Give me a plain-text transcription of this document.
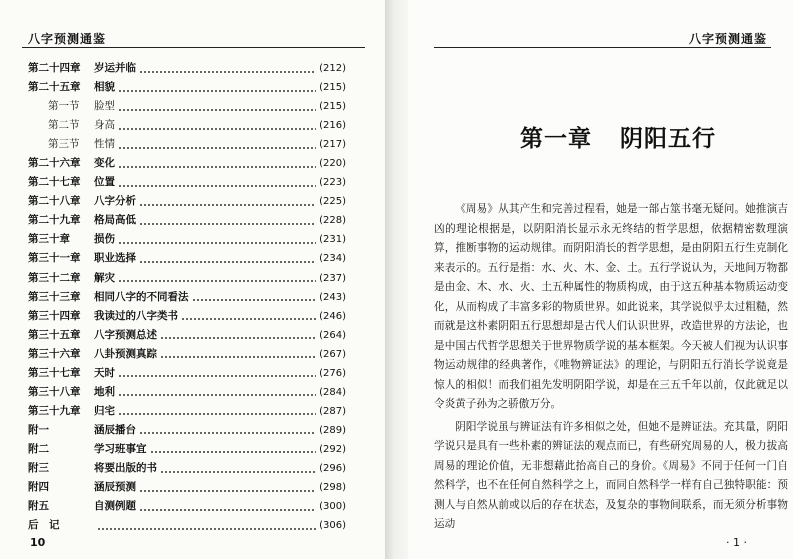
八字预测通鉴
第二十四章	岁运并临	(212)
第二十五章	相貌	(215)
第一节	脸型	(215)
第二节	身高	(216)
第三节	性情	(217)
第二十六章	变化	(220)
第二十七章	位置	(223)
第二十八章	八字分析	(225)
第二十九章	格局高低	(228)
第三十章	损伤	(231)
第三十一章	职业选择	(234)
第三十二章	解灾	(237)
第三十三章	相同八字的不同看法	(243)
第三十四章	我读过的八字类书	(246)
第三十五章	八字预测总述	(264)
第三十六章	八卦预测真踪	(267)
第三十七章	天时	(276)
第三十八章	地利	(284)
第三十九章	归宅	(287)
附一	涵辰播台	(289)
附二	学习班事宜	(292)
附三	将要出版的书	(296)
附四	涵辰预测	(298)
附五	自测例题	(300)
后　记	(306)
10
八字预测通鉴
第一章 阴阳五行

《周易》从其产生和完善过程看，她是一部占筮书毫无疑问。她推演吉凶的理论根据是，以阴阳消长显示永无终结的哲学思想，依据精密数理演算，推断事物的运动规律。而阴阳消长的哲学思想，是由阴阳五行生克制化来表示的。五行是指：水、火、木、金、土。五行学说认为，天地间万物都是由金、木、水、火、土五种属性的物质构成，由于这五种基本物质运动变化，从而构成了丰富多彩的物质世界。如此说来，其学说似乎太过粗糙，然而就是这朴素阴阳五行思想却是古代人们认识世界，改造世界的方法论，也是中国古代哲学思想关于世界物质学说的基本框架。今天被人们视为认识事物运动规律的经典著作，《唯物辨证法》的理论，与阴阳五行消长学说竟是惊人的相似！而我们祖先发明阴阳学说，却是在三五千年以前，仅此就足以令炎黄子孙为之骄傲万分。

阴阳学说虽与辨证法有许多相似之处，但她不是辨证法。充其量，阴阳学说只是具有一些朴素的辨证法的观点而已，有些研究周易的人，极力拔高周易的理论价值，无非想藉此抬高自己的身价。《周易》不同于任何一门自然科学，也不在任何自然科学之上，而同自然科学一样有自己独特职能：预测人与自然从前或以后的存在状态，及复杂的事物间联系，而无须分析事物运动

· 1 ·
